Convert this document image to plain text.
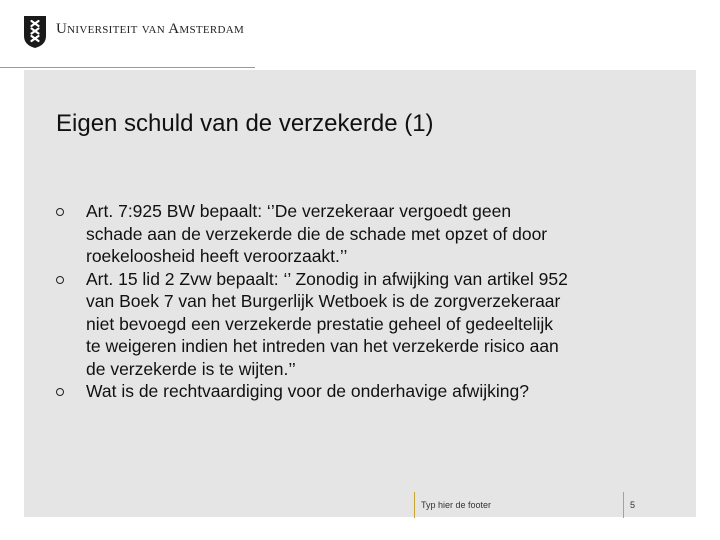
Universiteit van Amsterdam
Eigen schuld van de verzekerde (1)
Art. 7:925 BW bepaalt: ‘’De verzekeraar vergoedt geen
schade aan de verzekerde die de schade met opzet of door
roekeloosheid heeft veroorzaakt.’’
Art. 15 lid 2 Zvw bepaalt: ‘’ Zonodig in afwijking van artikel 952
van Boek 7 van het Burgerlijk Wetboek is de zorgverzekeraar
niet bevoegd een verzekerde prestatie geheel of gedeeltelijk
te weigeren indien het intreden van het verzekerde risico aan
de verzekerde is te wijten.’’
Wat is de rechtvaardiging voor de onderhavige afwijking?
Typ hier de footer	5
